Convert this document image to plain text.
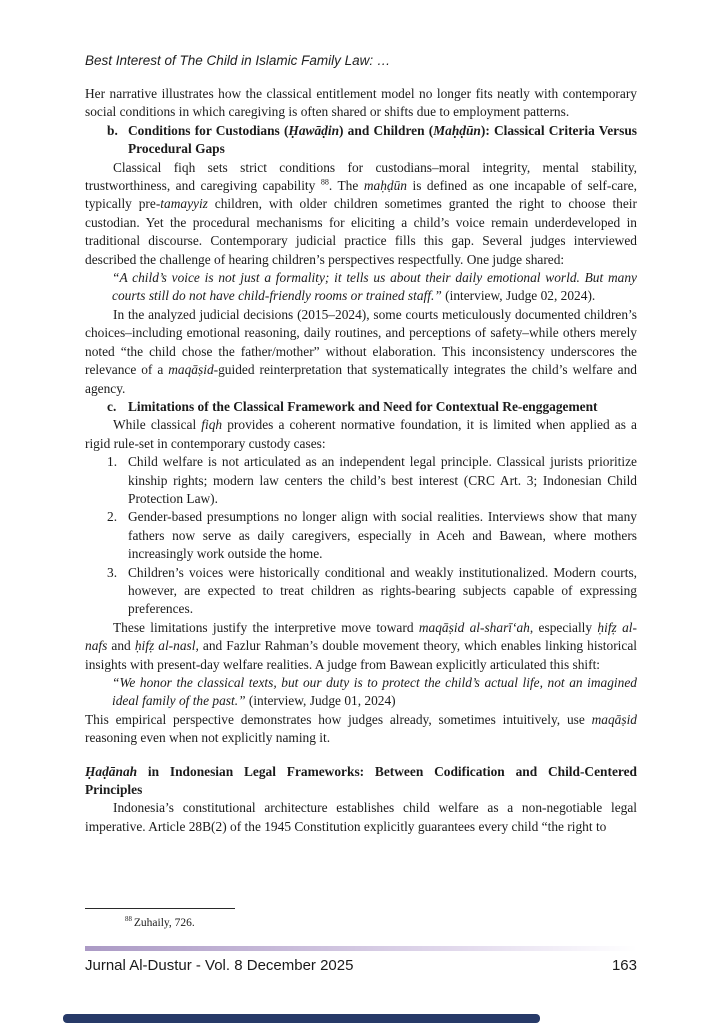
Best Interest of The Child in Islamic Family Law: …

Her narrative illustrates how the classical entitlement model no longer fits neatly with contemporary social conditions in which caregiving is often shared or shifts due to employment patterns.

b. Conditions for Custodians (Ḥawāḍin) and Children (Maḥḍūn): Classical Criteria Versus Procedural Gaps

Classical fiqh sets strict conditions for custodians–moral integrity, mental stability, trustworthiness, and caregiving capability $^{88}$. The maḥḍūn is defined as one incapable of self-care, typically pre-tamayyiz children, with older children sometimes granted the right to choose their custodian. Yet the procedural mechanisms for eliciting a child’s voice remain underdeveloped in traditional discourse. Contemporary judicial practice fills this gap. Several judges interviewed described the challenge of hearing children’s perspectives respectfully. One judge shared:

“A child’s voice is not just a formality; it tells us about their daily emotional world. But many courts still do not have child-friendly rooms or trained staff.” (interview, Judge 02, 2024).

In the analyzed judicial decisions (2015–2024), some courts meticulously documented children’s choices–including emotional reasoning, daily routines, and perceptions of safety–while others merely noted “the child chose the father/mother” without elaboration. This inconsistency underscores the relevance of a maqāṣid-guided reinterpretation that systematically integrates the child’s welfare and agency.

c. Limitations of the Classical Framework and Need for Contextual Re-enggagement

While classical fiqh provides a coherent normative foundation, it is limited when applied as a rigid rule-set in contemporary custody cases:

1. Child welfare is not articulated as an independent legal principle. Classical jurists prioritize kinship rights; modern law centers the child’s best interest (CRC Art. 3; Indonesian Child Protection Law).
2. Gender-based presumptions no longer align with social realities. Interviews show that many fathers now serve as daily caregivers, especially in Aceh and Bawean, where mothers increasingly work outside the home.
3. Children’s voices were historically conditional and weakly institutionalized. Modern courts, however, are expected to treat children as rights-bearing subjects capable of expressing preferences.

These limitations justify the interpretive move toward maqāṣid al-sharī‘ah, especially ḥifẓ al-nafs and ḥifẓ al-nasl, and Fazlur Rahman’s double movement theory, which enables linking historical insights with present-day welfare realities. A judge from Bawean explicitly articulated this shift:

“We honor the classical texts, but our duty is to protect the child’s actual life, not an imagined ideal family of the past.” (interview, Judge 01, 2024)

This empirical perspective demonstrates how judges already, sometimes intuitively, use maqāṣid reasoning even when not explicitly naming it.

Ḥaḍānah in Indonesian Legal Frameworks: Between Codification and Child-Centered Principles

Indonesia’s constitutional architecture establishes child welfare as a non-negotiable legal imperative. Article 28B(2) of the 1945 Constitution explicitly guarantees every child “the right to

$^{88}$ Zuhaily, 726.
Jurnal Al-Dustur - Vol. 8 December 2025	163
